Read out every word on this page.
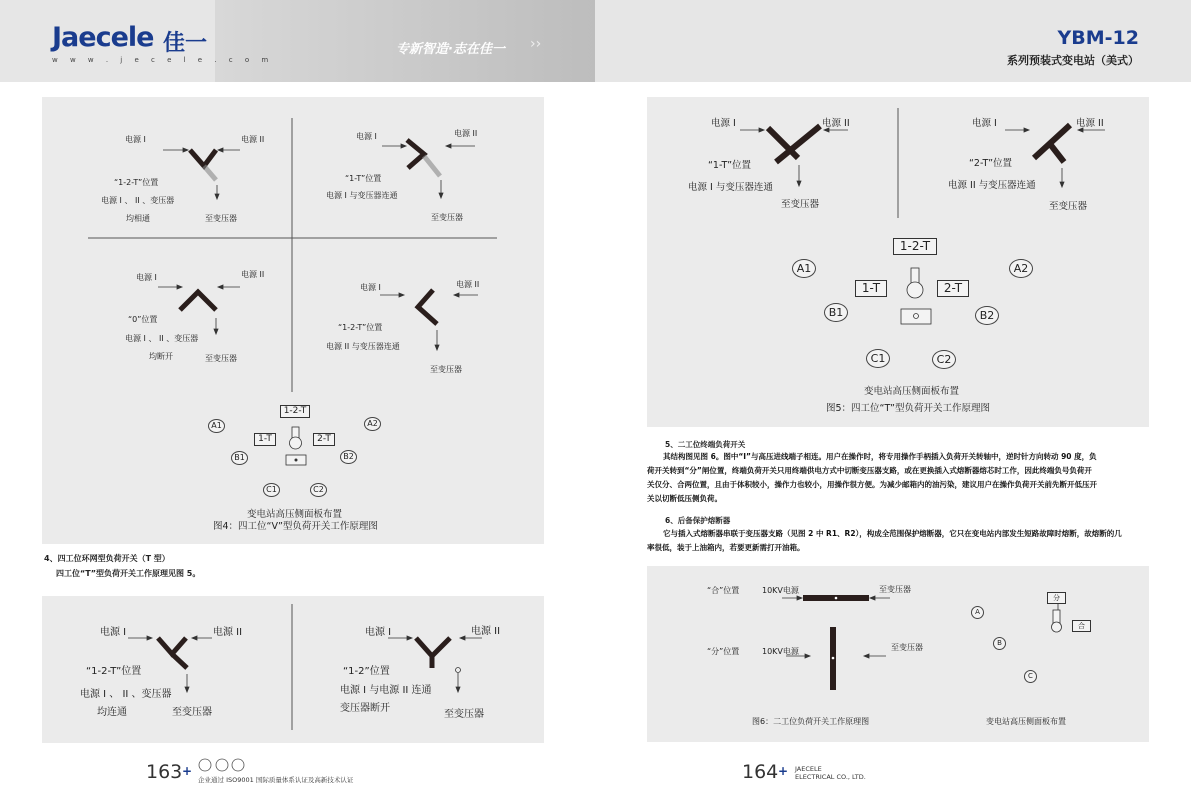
Jaecele 佳一
w w w . j e c e l e . c o m
专新智造·志在佳一 ››	YBM-12
系列预装式变电站（美式）
电源 I	电源 II
“1-2-T”位置
电源 I 、 II 、变压器
均相通	至变压器
电源 I	电源 II
“1-T”位置
电源 I 与变压器连通
至变压器
电源 I	电源 II
“0”位置
电源 I 、 II 、变压器
均断开	至变压器
电源 I	电源 II
“1-2-T”位置
电源 II 与变压器连通
至变压器
1-2-T
1-T	2-T
A1	A2
B1	B2
C1	C2
变电站高压侧面板布置
图4：四工位“V”型负荷开关工作原理图
4、四工位环网型负荷开关（T 型）
四工位“T”型负荷开关工作原理见图 5。
电源 I	电源 II
“1-2-T”位置
电源 I 、 II 、变压器
均连通	至变压器
电源 I	电源 II
“1-2”位置
电源 I 与电源 II 连通
变压器断开
至变压器
电源 I	电源 II
“1-T”位置
电源 I 与变压器连通
至变压器
电源 I	电源 II
“2-T”位置
电源 II 与变压器连通
至变压器
1-2-T
1-T	2-T
A1	A2
B1	B2
C1	C2
变电站高压侧面板布置
图5：四工位“T”型负荷开关工作原理图
5、二工位终端负荷开关
其结构图见图 6。图中“I”与高压进线端子相连。用户在操作时，将专用操作手柄插入负荷开关转轴中，逆时针方向转动 90 度，负
荷开关转到“分”闸位置，终端负荷开关只用终端供电方式中切断变压器支路，或在更换插入式熔断器熔芯时工作，因此终端负号负荷开
关仅分、合两位置，且由于体积较小，操作力也较小，用操作很方便。为减少邮箱内的油污染，建议用户在操作负荷开关前先断开低压开
关以切断低压侧负荷。
6、后备保护熔断器
它与插入式熔断器串联于变压器支路（见图 2 中 R1、R2），构成全范围保护熔断器，它只在变电站内部发生短路故障时熔断，故熔断的几
率很低，装于上油箱内，若要更新需打开油箱。
“合”位置	10KV电源	至变压器
“分”位置	10KV电源	至变压器
分
合
A
B
C
图6：二工位负荷开关工作原理图	变电站高压侧面板布置
163 +
企业通过 ISO9001 国际质量体系认证及高新技术认证	164 + JAECELE
ELECTRICAL CO., LTD.
